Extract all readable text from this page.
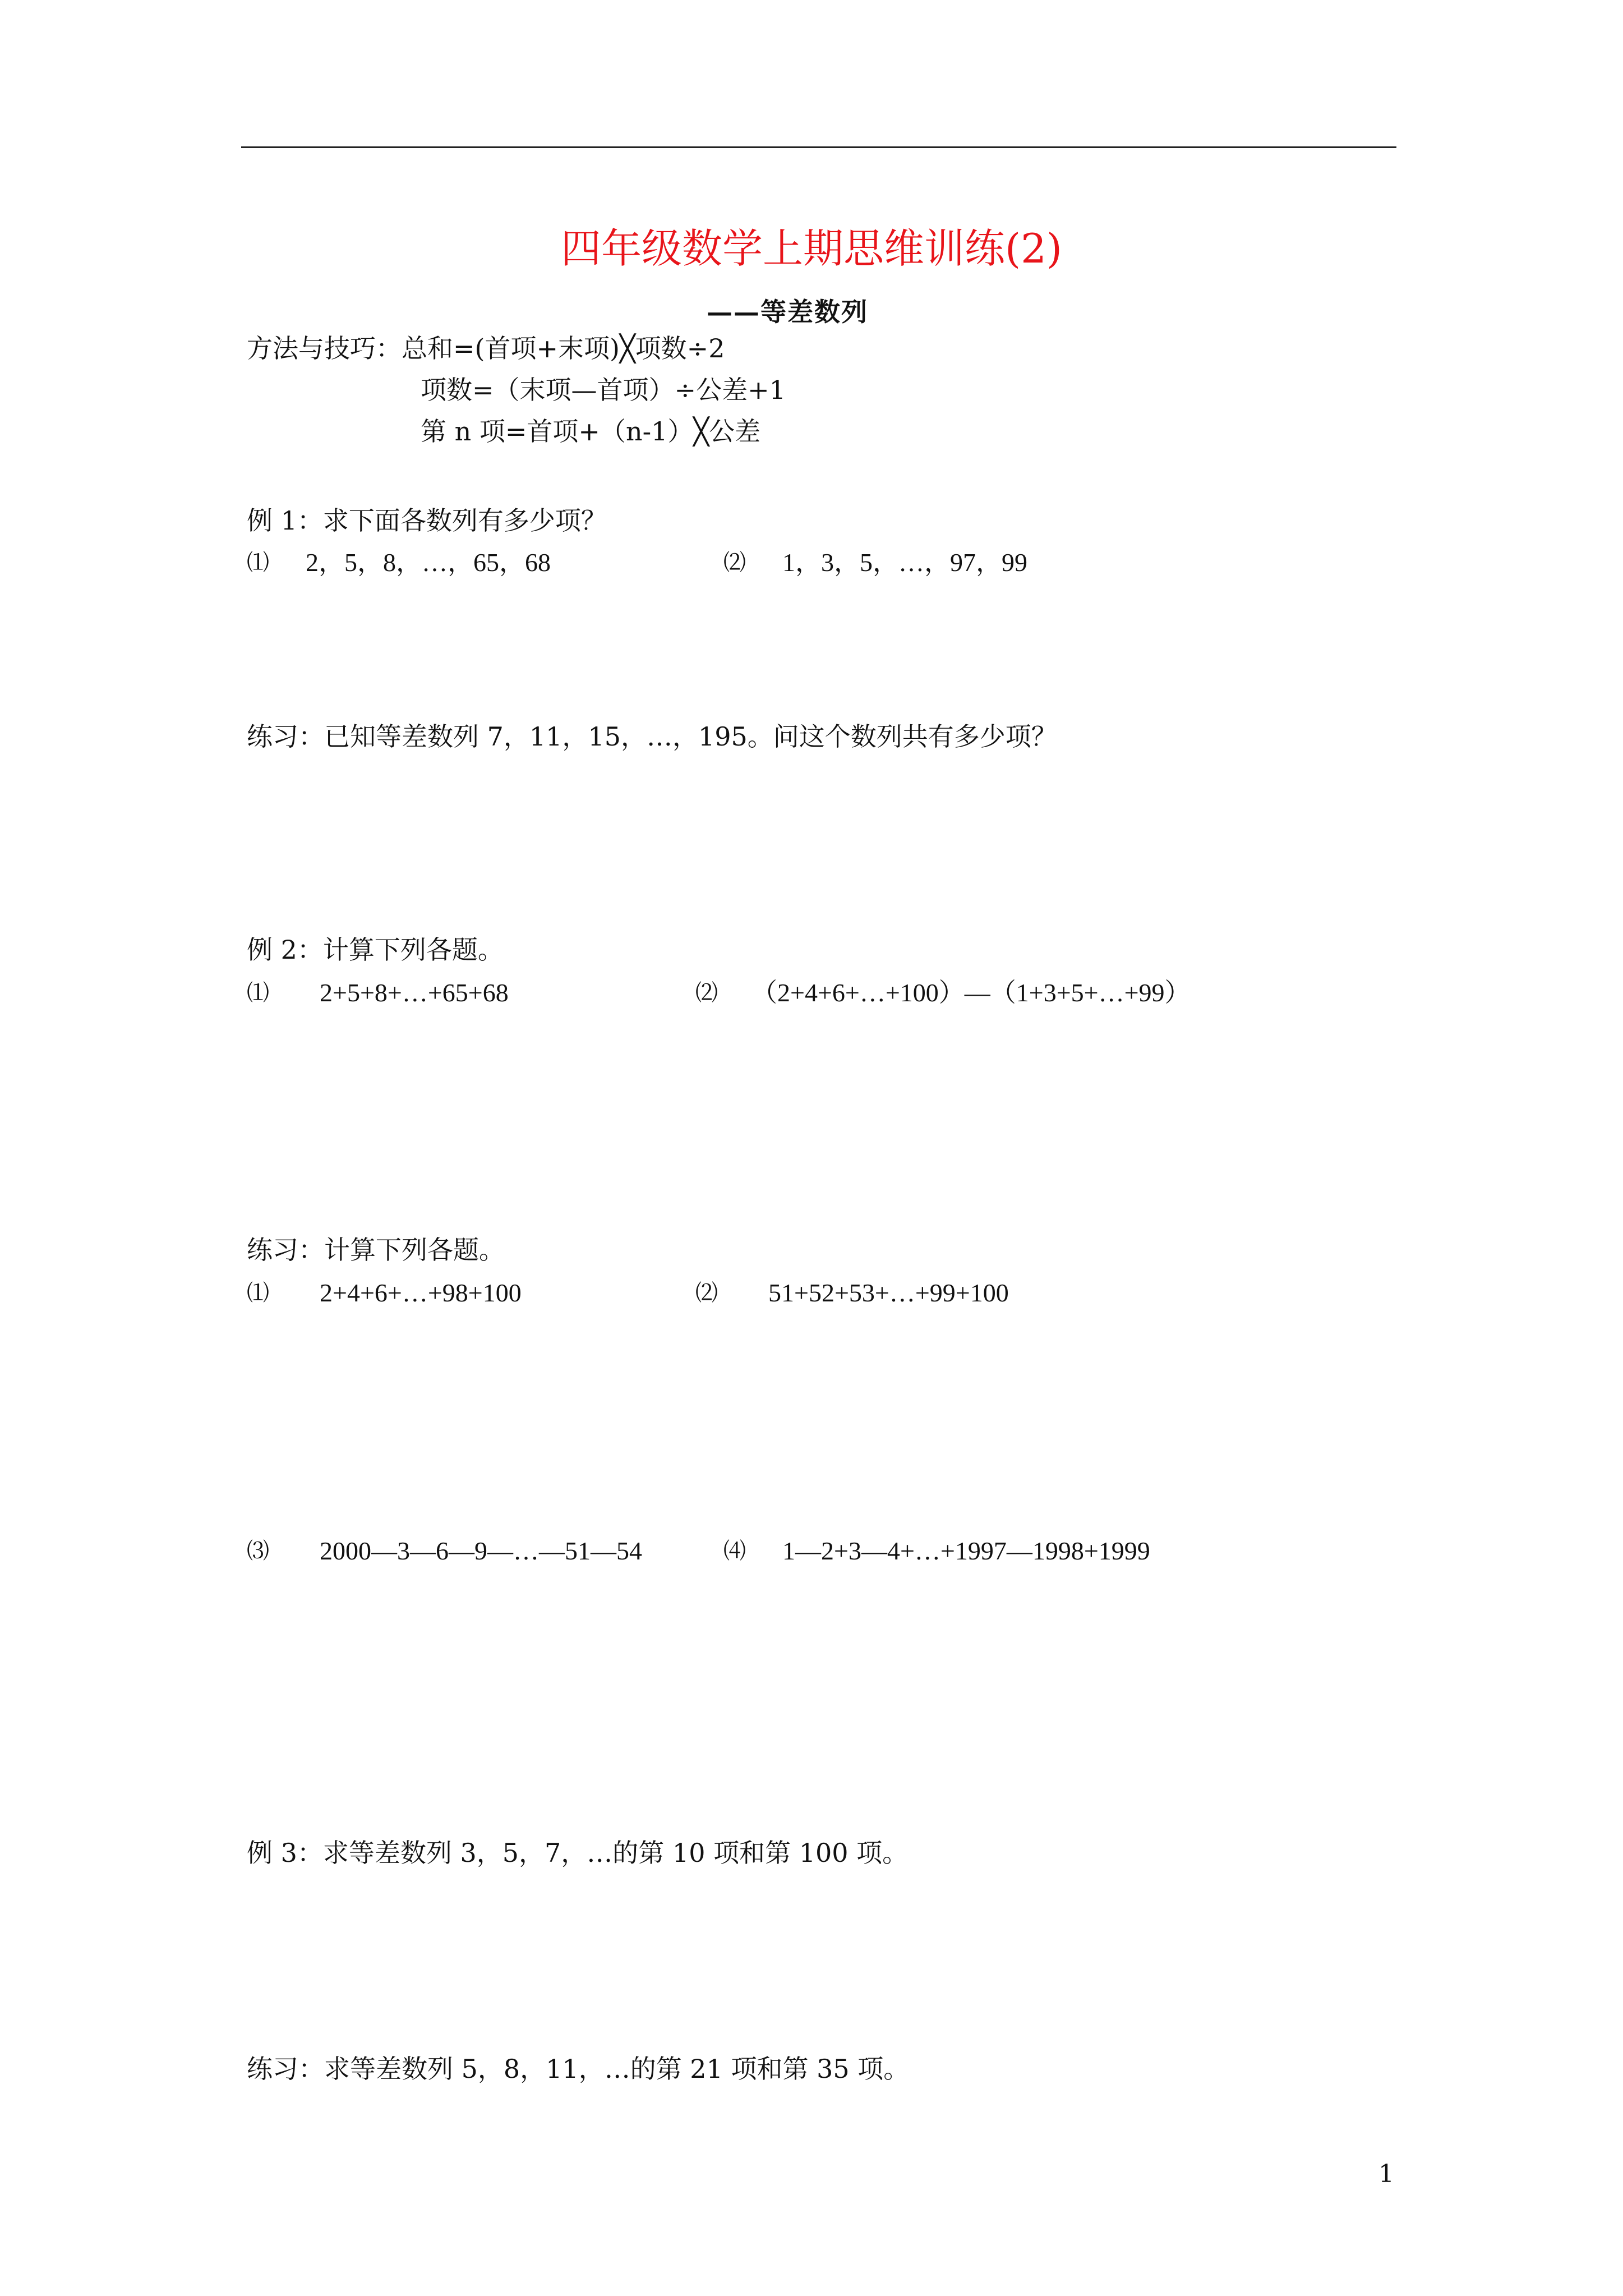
四年级数学上期思维训练(2)
——等差数列
方法与技巧：总和=(首项+末项)╳项数÷2
项数=（末项—首项）÷公差+1
第 n 项=首项+（n-1）╳公差
例 1：求下面各数列有多少项？
⑴ 2，5，8，…，65，68	⑵ 1，3，5，…，97，99
练习：已知等差数列 7，11，15，…，195。问这个数列共有多少项？
例 2：计算下列各题。
⑴ 2+5+8+…+65+68	⑵ （2+4+6+…+100）—（1+3+5+…+99）
练习：计算下列各题。
⑴ 2+4+6+…+98+100	⑵ 51+52+53+…+99+100
⑶ 2000—3—6—9—…—51—54	⑷ 1—2+3—4+…+1997—1998+1999
例 3：求等差数列 3，5，7，…的第 10 项和第 100 项。
练习：求等差数列 5，8，11，…的第 21 项和第 35 项。
1
